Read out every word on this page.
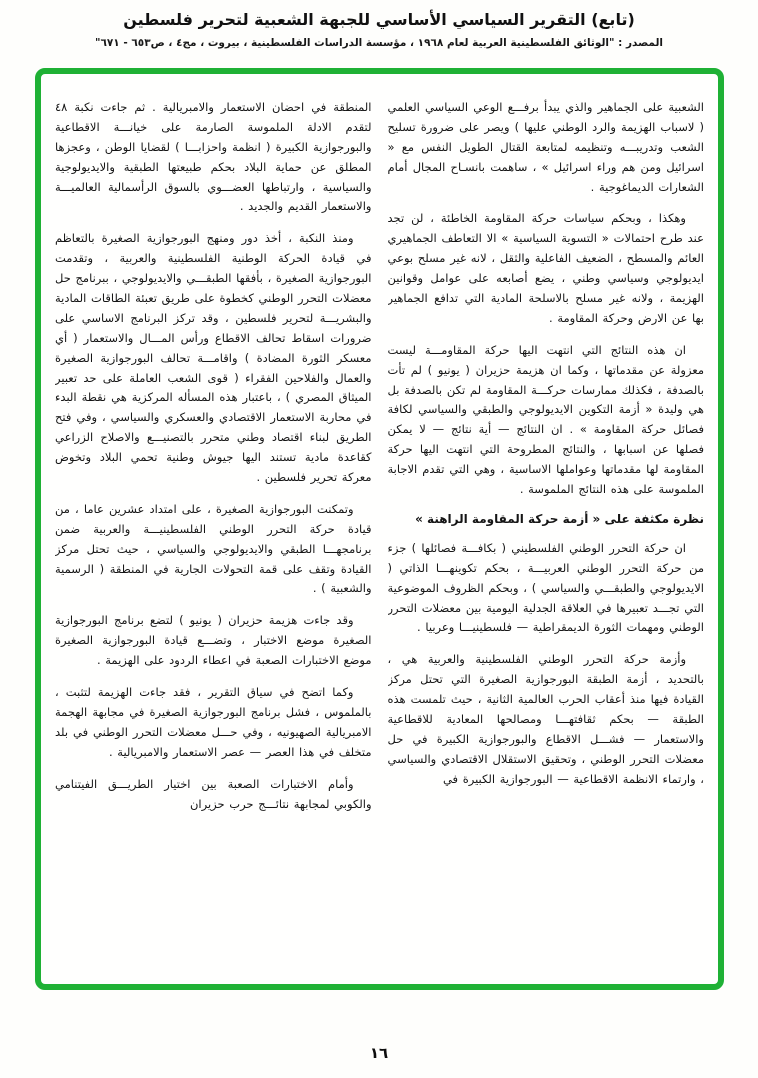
(تابع) التقرير السياسي الأساسي للجبهة الشعبية لتحرير فلسطين
المصدر : "الوثائق الفلسطينية العربية لعام ١٩٦٨ ، مؤسسة الدراسات الفلسطينية ، بيروت ، مج٤ ، ص٦٥٣ - ٦٧١"
الشعبية على الجماهير والذي يبدأ برفـــع الوعي السياسي العلمي ( لاسباب الهزيمة والرد الوطني عليها ) ويصر على ضرورة تسليح الشعب وتدريبـــه وتنظيمه لمتابعة القتال الطويل النفس مع « اسرائيل ومن هم وراء اسرائيل » ، ساهمت بانسـاح المجال أمام الشعارات الديماغوجية .
وهكذا ، وبحكم سياسات حركة المقاومة الخاطئة ، لن تجد عند طرح احتمالات « التسوية السياسية » الا التعاطف الجماهيري العائم والمسطح ، الضعيف الفاعلية والثقل ، لانه غير مسلح بوعي ايديولوجي وسياسي وطني ، يضع أصابعه على عوامل وقوانين الهزيمة ، ولانه غير مسلح بالاسلحة المادية التي تدافع الجماهير بها عن الارض وحركة المقاومة .
ان هذه النتائج التي انتهت اليها حركة المقاومـــة ليست معزولة عن مقدماتها ، وكما ان هزيمة حزيران ( يونيو ) لم تأت بالصدفة ، فكذلك ممارسات حركـــة المقاومة لم تكن بالصدفة بل هي وليدة « أزمة التكوين الايديولوجي والطبقي والسياسي لكافة فصائل حركة المقاومة » . ان النتائج — أية نتائج — لا يمكن فصلها عن اسبابها ، والنتائج المطروحة التي انتهت اليها حركة المقاومة لها مقدماتها وعواملها الاساسية ، وهي التي تقدم الاجابة الملموسة على هذه النتائج الملموسة .
نظرة مكثفة على « أزمة حركة المقاومة الراهنة »
ان حركة التحرر الوطني الفلسطيني ( بكافـــة فصائلها ) جزء من حركة التحرر الوطني العربيـــة ، بحكم تكوينهـــا الذاتي ( الايديولوجي والطبقـــي والسياسي ) ، وبحكم الظروف الموضوعية التي تجـــد تعبيرها في العلاقة الجدلية اليومية بين معضلات التحرر الوطني ومهمات الثورة الديمقراطية — فلسطينيـــا وعربيا .
وأزمة حركة التحرر الوطني الفلسطينية والعربية هي ، بالتحديد ، أزمة الطبقة البورجوازية الصغيرة التي تحتل مركز القيادة فيها منذ أعقاب الحرب العالمية الثانية ، حيث تلمست هذه الطبقة — بحكم ثقافتهـــا ومصالحها المعادية للاقطاعية والاستعمار — فشـــل الاقطاع والبورجوازية الكبيرة في حل معضلات التحرر الوطني ، وتحقيق الاستقلال الاقتصادي والسياسي ، وارتماء الانظمة الاقطاعية — البورجوازية الكبيرة في
المنطقة في احضان الاستعمار والامبريالية . ثم جاءت نكبة ٤٨ لتقدم الادلة الملموسة الصارمة على خيانـــة الاقطاعية والبورجوازية الكبيرة ( انظمة واحزابـــا ) لقضايا الوطن ، وعجزها المطلق عن حماية البلاد بحكم طبيعتها الطبقية والايديولوجية والسياسية ، وارتباطها العضـــوي بالسوق الرأسمالية العالميـــة والاستعمار القديم والجديد .
ومنذ النكبة ، أخذ دور ومنهج البورجوازية الصغيرة بالتعاظم في قيادة الحركة الوطنية الفلسطينية والعربية ، وتقدمت البورجوازية الصغيرة ، بأفقها الطبقـــي والايديولوجي ، ببرنامج حل معضلات التحرر الوطني كخطوة على طريق تعبئة الطاقات المادية والبشريـــة لتحرير فلسطين ، وقد تركز البرنامج الاساسي على ضرورات اسقاط تحالف الاقطاع ورأس المـــال والاستعمار ( أي معسكر الثورة المضادة ) واقامـــة تحالف البورجوازية الصغيرة والعمال والفلاحين الفقراء ( قوى الشعب العاملة على حد تعبير الميثاق المصري ) ، باعتبار هذه المسأله المركزية هي نقطة البدء في محاربة الاستعمار الاقتصادي والعسكري والسياسي ، وفي فتح الطريق لبناء اقتصاد وطني متحرر بالتصنيـــع والاصلاح الزراعي كقاعدة مادية تستند اليها جيوش وطنية تحمي البلاد وتخوض معركة تحرير فلسطين .
وتمكنت البورجوازية الصغيرة ، على امتداد عشرين عاما ، من قيادة حركة التحرر الوطني الفلسطينيـــة والعربية ضمن برنامجهـــا الطبقي والايديولوجي والسياسي ، حيث تحتل مركز القيادة وتقف على قمة التحولات الجارية في المنطقة ( الرسمية والشعبية ) .
وقد جاءت هزيمة حزيران ( يونيو ) لتضع برنامج البورجوازية الصغيرة موضع الاختبار ، وتضـــع قيادة البورجوازية الصغيرة موضع الاختبارات الصعبة في اعطاء الردود على الهزيمة .
وكما اتضح في سياق التقرير ، فقد جاءت الهزيمة لتثبت ، بالملموس ، فشل برنامج البورجوازية الصغيرة في مجابهة الهجمة الامبريالية الصهيونيه ، وفي حـــل معضلات التحرر الوطني في بلد متخلف في هذا العصر — عصر الاستعمار والامبريالية .
وأمام الاختبارات الصعبة بين اختيار الطريـــق الفيتنامي والكوبي لمجابهة نتائـــج حرب حزيران
١٦
